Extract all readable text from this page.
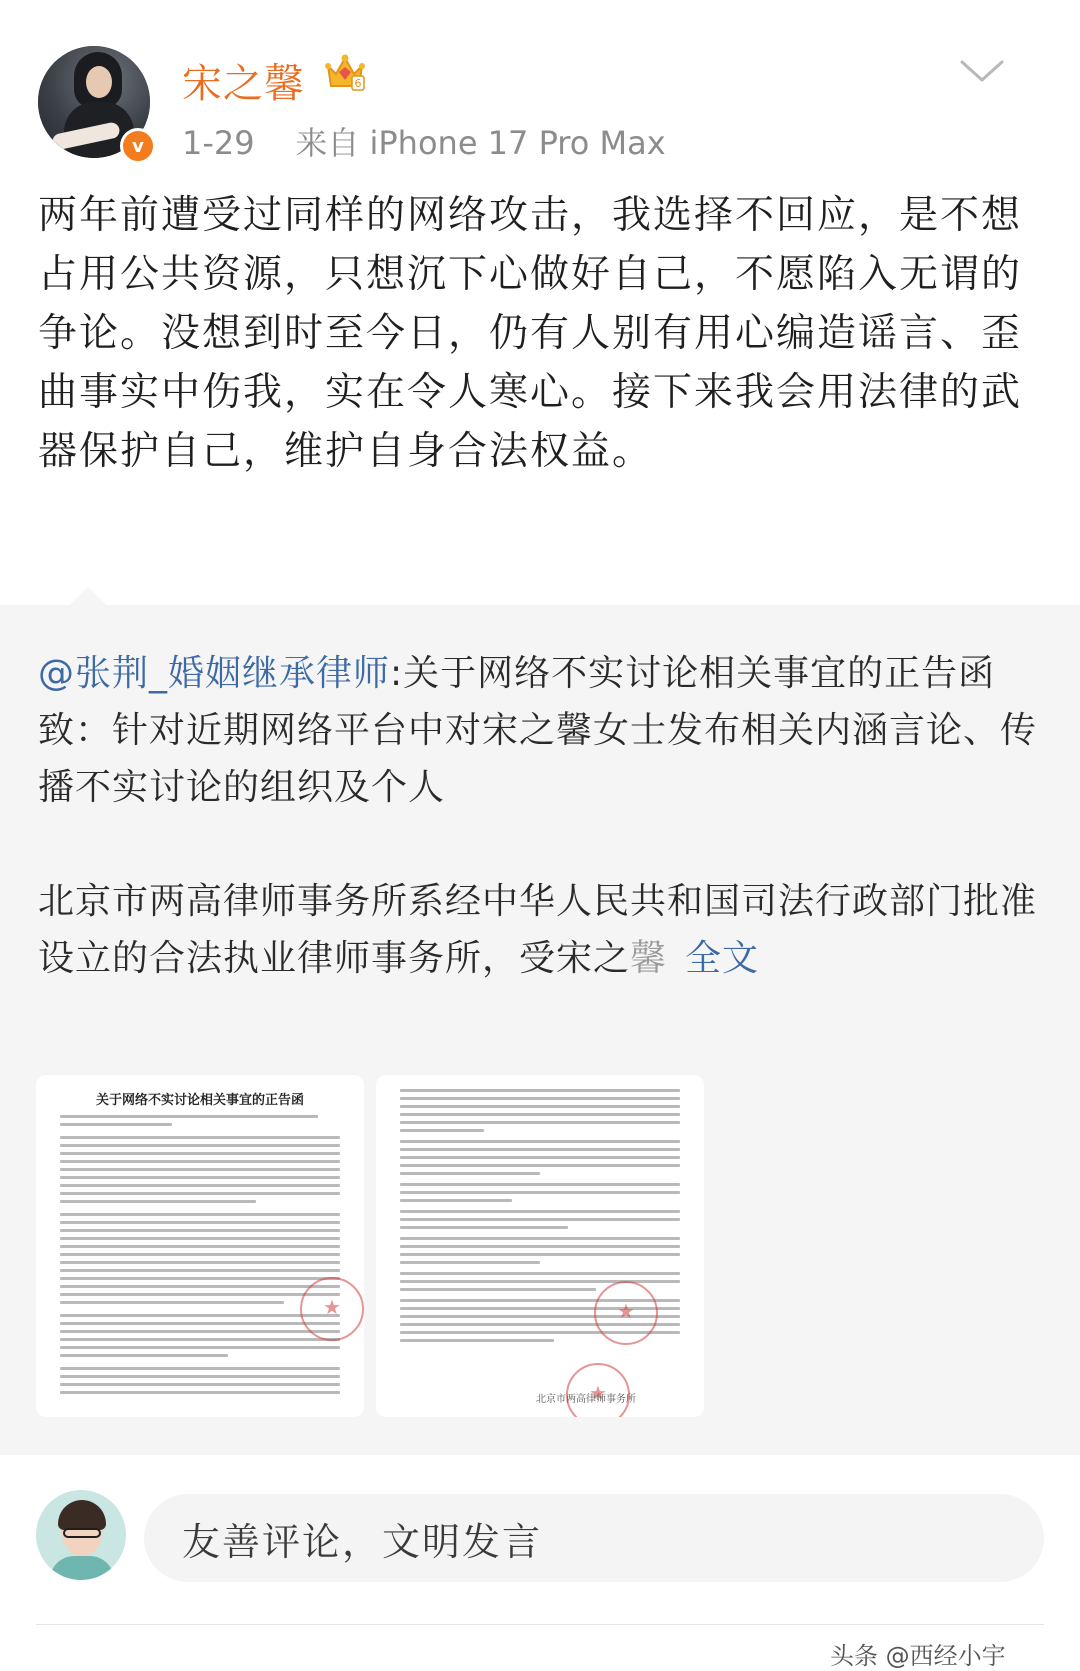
v
宋之馨	6
1-29 来自 iPhone 17 Pro Max

两年前遭受过同样的网络攻击，我选择不回应，是不想占用公共资源，只想沉下心做好自己，不愿陷入无谓的争论。没想到时至今日，仍有人别有用心编造谣言、歪曲事实中伤我，实在令人寒心。接下来我会用法律的武器保护自己，维护自身合法权益。

@张荆_婚姻继承律师:关于网络不实讨论相关事宜的正告函

致：针对近期网络平台中对宋之馨女士发布相关内涵言论、传播不实讨论的组织及个人

北京市两高律师事务所系经中华人民共和国司法行政部门批准设立的合法执业律师事务所，受宋之馨 全文

关于网络不实讨论相关事宜的正告函
★
★
★
北京市两高律师事务所
友善评论，文明发言
头条 @西经小宇
